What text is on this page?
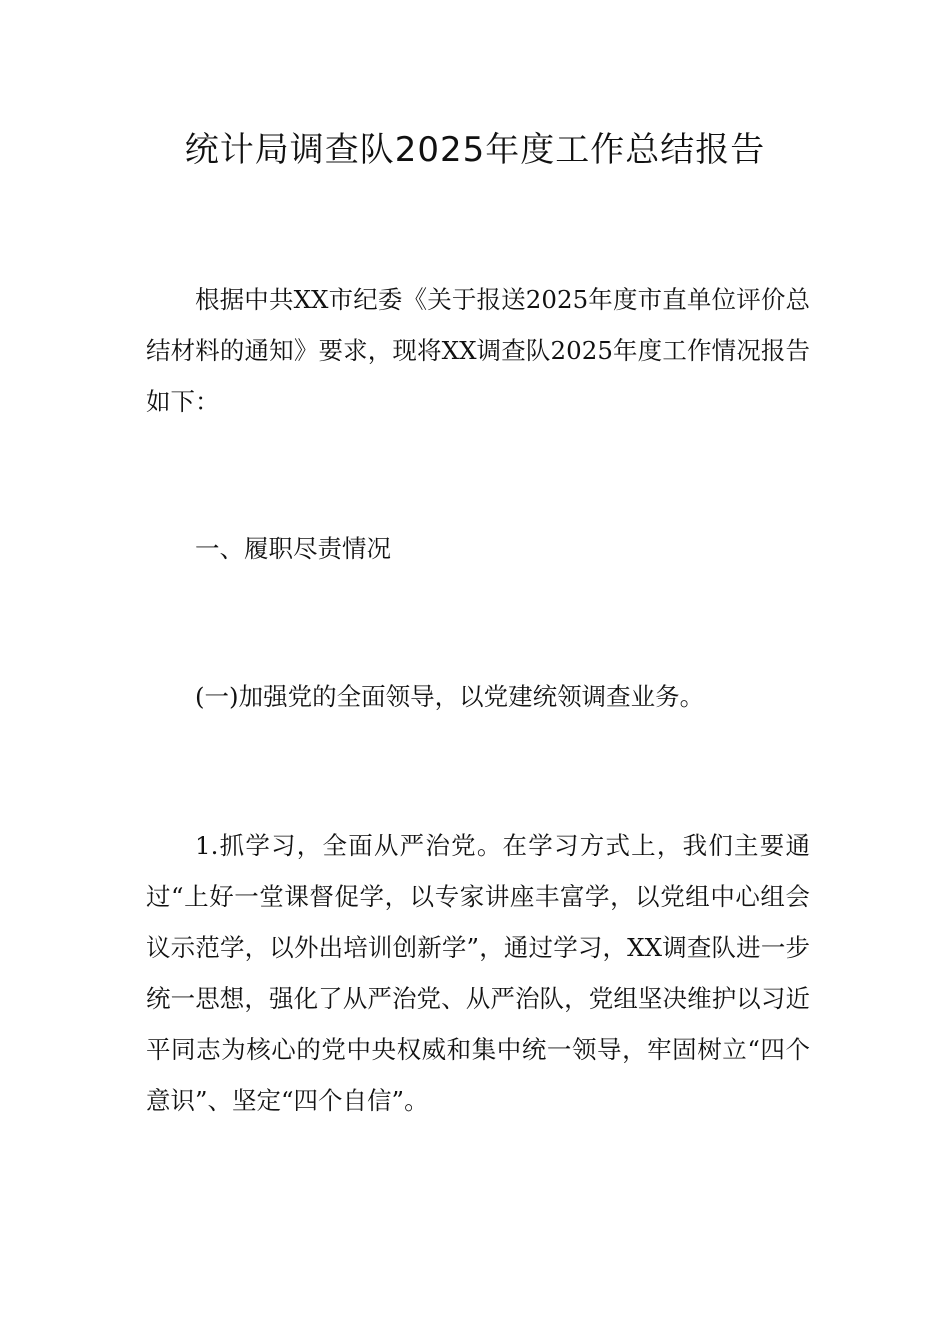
统计局调查队2025年度工作总结报告

根据中共XX市纪委《关于报送2025年度市直单位评价总结材料的通知》要求，现将XX调查队2025年度工作情况报告如下：

一、履职尽责情况

(一)加强党的全面领导，以党建统领调查业务。

1.抓学习，全面从严治党。在学习方式上，我们主要通过“上好一堂课督促学，以专家讲座丰富学，以党组中心组会议示范学，以外出培训创新学”，通过学习，XX调查队进一步统一思想，强化了从严治党、从严治队，党组坚决维护以习近平同志为核心的党中央权威和集中统一领导，牢固树立“四个意识”、坚定“四个自信”。
